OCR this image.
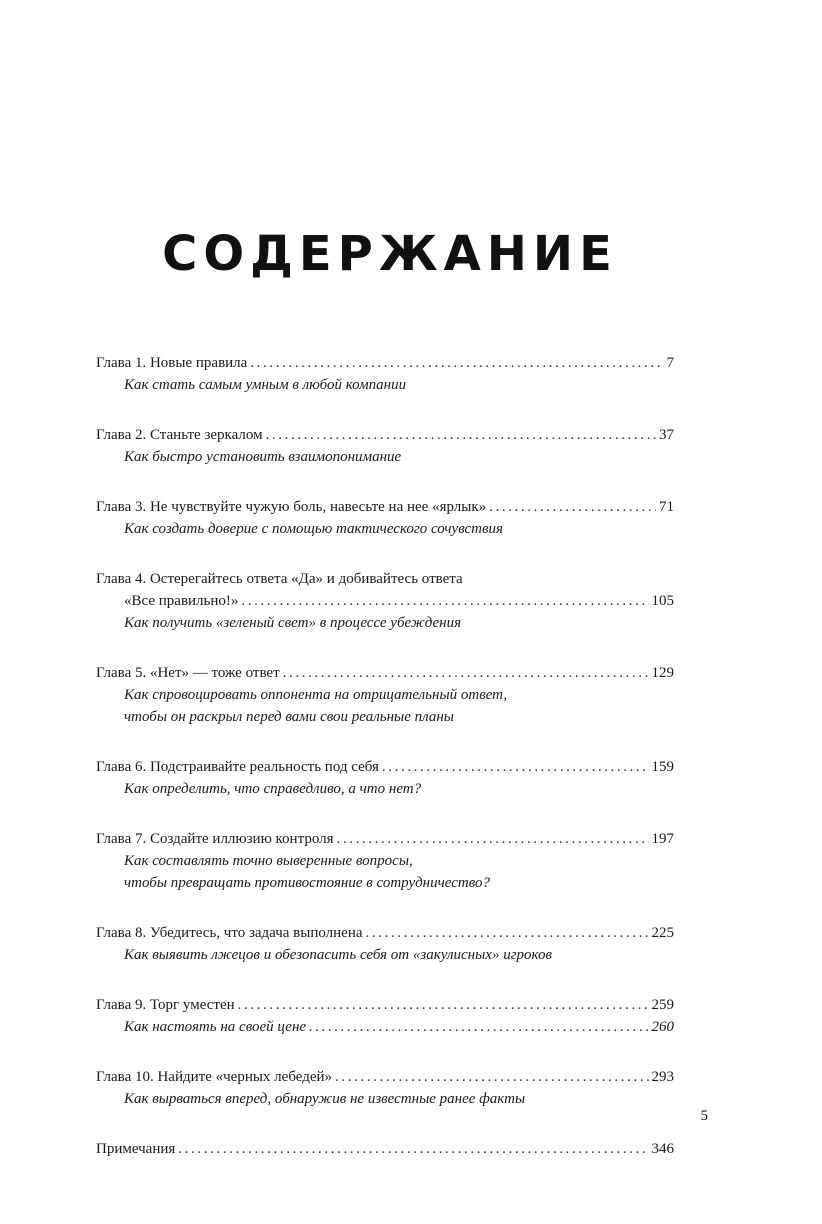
СОДЕРЖАНИЕ
Глава 1. Новые правила .....	7
Как стать самым умным в любой компании
Глава 2. Станьте зеркалом .....	37
Как быстро установить взаимопонимание
Глава 3. Не чувствуйте чужую боль, навесьте на нее «ярлык» .....	71
Как создать доверие с помощью тактического сочувствия
Глава 4. Остерегайтесь ответа «Да» и добивайтесь ответа
«Все правильно!» .....	105
Как получить «зеленый свет» в процессе убеждения
Глава 5. «Нет» — тоже ответ .....	129
Как спровоцировать оппонента на отрицательный ответ,
чтобы он раскрыл перед вами свои реальные планы
Глава 6. Подстраивайте реальность под себя .....	159
Как определить, что справедливо, а что нет?
Глава 7. Создайте иллюзию контроля .....	197
Как составлять точно выверенные вопросы,
чтобы превращать противостояние в сотрудничество?
Глава 8. Убедитесь, что задача выполнена .....	225
Как выявить лжецов и обезопасить себя от «закулисных» игроков
Глава 9. Торг уместен .....	259
Как настоять на своей цене .....	260
Глава 10. Найдите «черных лебедей» .....	293
Как вырваться вперед, обнаружив не известные ранее факты
Примечания .....	346

5
